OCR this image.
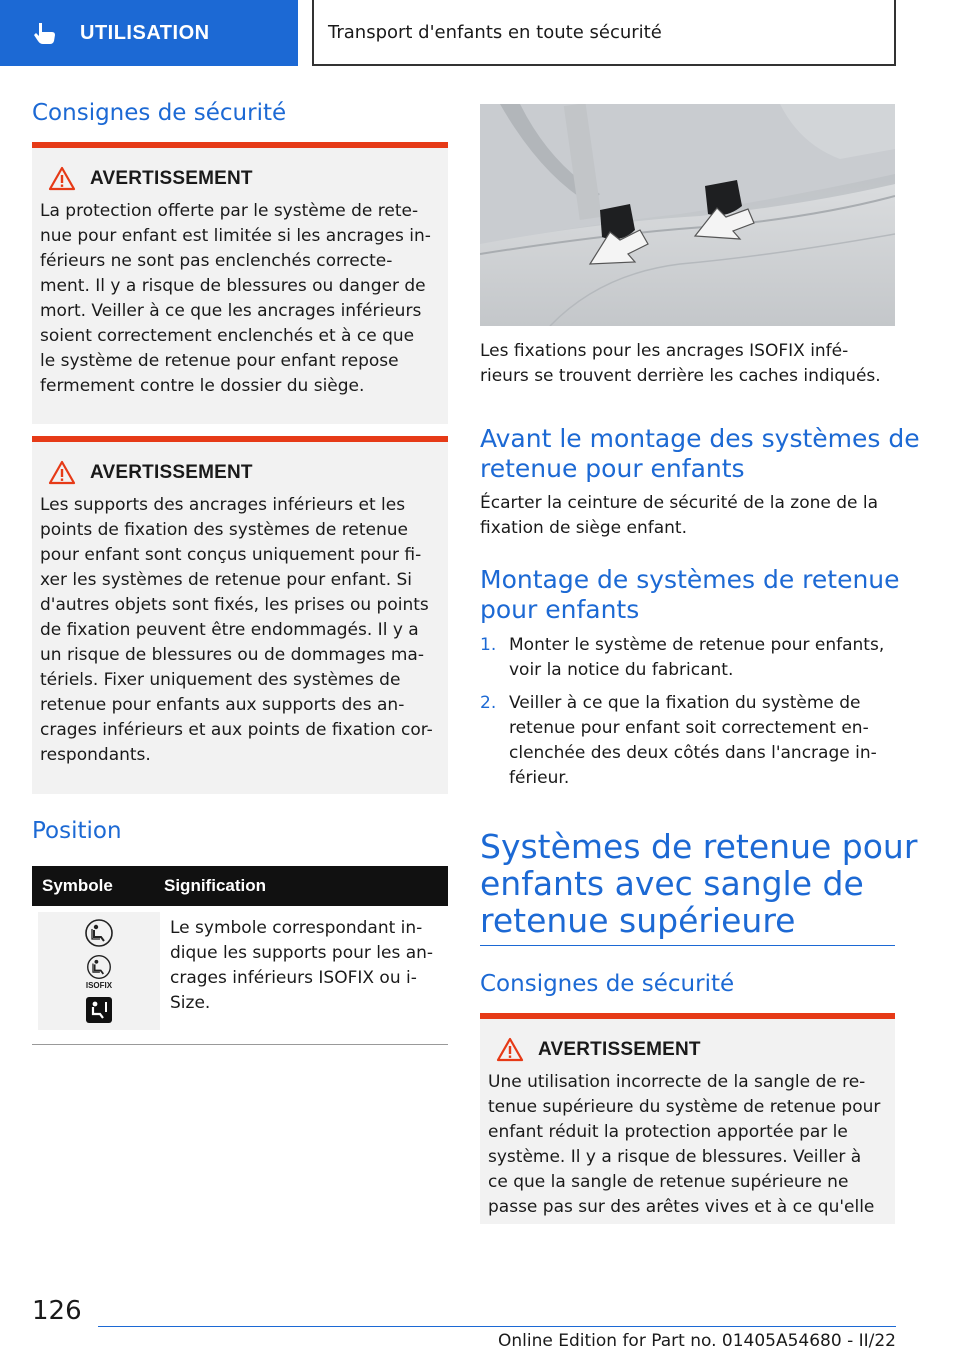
UTILISATION	Transport d'enfants en toute sécurité
Consignes de sécurité
AVERTISSEMENT
La protection offerte par le système de rete-
nue pour enfant est limitée si les ancrages in-
férieurs ne sont pas enclenchés correcte-
ment. Il y a risque de blessures ou danger de
mort. Veiller à ce que les ancrages inférieurs
soient correctement enclenchés et à ce que
le système de retenue pour enfant repose
fermement contre le dossier du siège.
AVERTISSEMENT
Les supports des ancrages inférieurs et les
points de fixation des systèmes de retenue
pour enfant sont conçus uniquement pour fi-
xer les systèmes de retenue pour enfant. Si
d'autres objets sont fixés, les prises ou points
de fixation peuvent être endommagés. Il y a
un risque de blessures ou de dommages ma-
tériels. Fixer uniquement des systèmes de
retenue pour enfants aux supports des an-
crages inférieurs et aux points de fixation cor-
respondants.
Position
Symbole	Signification
ISOFIX
Le symbole correspondant in-
dique les supports pour les an-
crages inférieurs ISOFIX ou i-
Size.
Les fixations pour les ancrages ISOFIX infé-
rieurs se trouvent derrière les caches indiqués.
Avant le montage des systèmes de
retenue pour enfants
Écarter la ceinture de sécurité de la zone de la
fixation de siège enfant.
Montage de systèmes de retenue
pour enfants
1. Monter le système de retenue pour enfants,
voir la notice du fabricant.
2. Veiller à ce que la fixation du système de
retenue pour enfant soit correctement en-
clenchée des deux côtés dans l'ancrage in-
férieur.
Systèmes de retenue pour
enfants avec sangle de
retenue supérieure
Consignes de sécurité
AVERTISSEMENT
Une utilisation incorrecte de la sangle de re-
tenue supérieure du système de retenue pour
enfant réduit la protection apportée par le
système. Il y a risque de blessures. Veiller à
ce que la sangle de retenue supérieure ne
passe pas sur des arêtes vives et à ce qu'elle
126
Online Edition for Part no. 01405A54680 - II/22
